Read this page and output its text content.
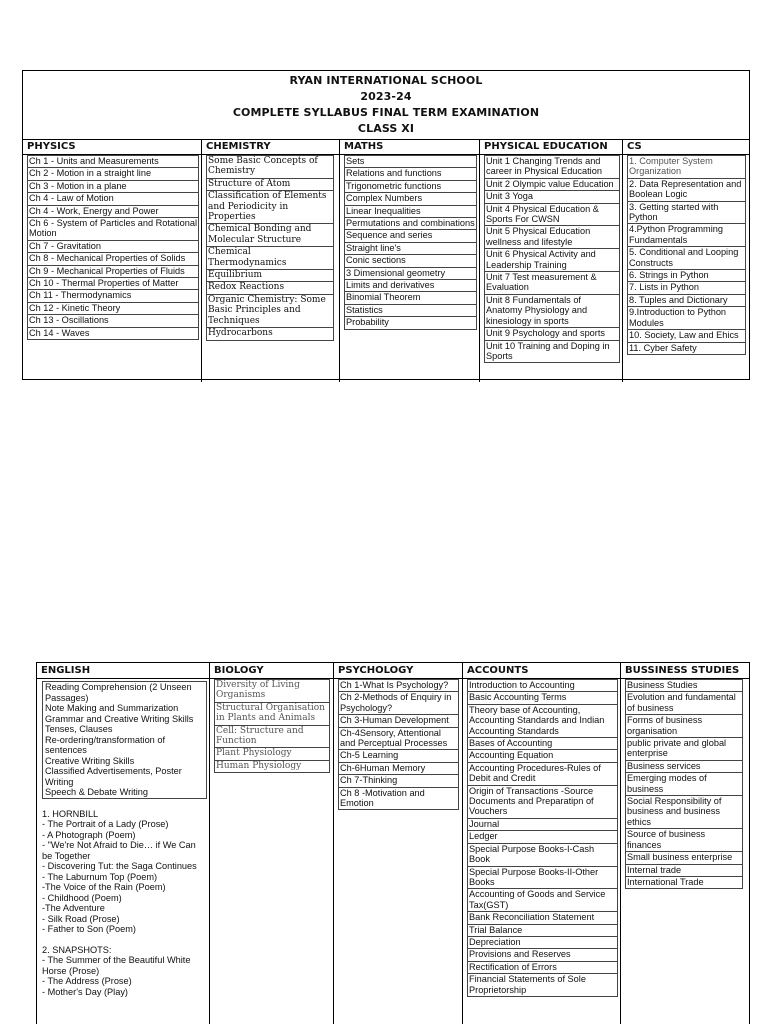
RYAN INTERNATIONAL SCHOOL
2023-24
COMPLETE SYLLABUS FINAL TERM EXAMINATION
CLASS XI
PHYSICS
Ch 1 - Units and Measurements
Ch 2 - Motion in a straight line
Ch 3 - Motion in a plane
Ch 4 - Law of Motion
Ch 4 - Work, Energy and Power
Ch 6 - System of Particles and Rotational Motion
Ch 7 - Gravitation
Ch 8 - Mechanical Properties of Solids
Ch 9 - Mechanical Properties of Fluids
Ch 10 - Thermal Properties of Matter
Ch 11 - Thermodynamics
Ch 12 - Kinetic Theory
Ch 13 - Oscillations
Ch 14 - Waves
CHEMISTRY
Some Basic Concepts of Chemistry
Structure of Atom
Classification of Elements and Periodicity in Properties
Chemical Bonding and Molecular Structure
Chemical Thermodynamics
Equilibrium
Redox Reactions
Organic Chemistry: Some Basic Principles and Techniques
Hydrocarbons
MATHS
Sets
Relations and functions
Trigonometric functions
Complex Numbers
Linear Inequalities
Permutations and combinations
Sequence and series
Straight line's
Conic sections
3 Dimensional geometry
Limits and derivatives
Binomial Theorem
Statistics
Probability
PHYSICAL EDUCATION
Unit 1 Changing Trends and career in Physical Education
Unit 2 Olympic value Education
Unit 3 Yoga
Unit 4 Physical Education & Sports For CWSN
Unit 5 Physical Education wellness and lifestyle
Unit 6 Physical Activity and Leadership Training
Unit 7 Test measurement & Evaluation
Unit 8 Fundamentals of Anatomy Physiology and kinesiology in sports
Unit 9 Psychology and sports
Unit 10 Training and Doping in Sports
CS
1. Computer System Organization
2. Data Representation and Boolean Logic
3. Getting started with Python
4.Python Programming Fundamentals
5. Conditional and Looping Constructs
6. Strings in Python
7. Lists in Python
8. Tuples and Dictionary
9.Introduction to Python Modules
10. Society, Law and Ehics
11. Cyber Safety
ENGLISH
Reading Comprehension (2 Unseen Passages)
Note Making and Summarization
Grammar and Creative Writing Skills
Tenses, Clauses
Re-ordering/transformation of sentences
Creative Writing Skills
Classified Advertisements, Poster Writing
Speech & Debate Writing
1. HORNBILL
- The Portrait of a Lady (Prose)
- A Photograph (Poem)
- "We're Not Afraid to Die… if We Can be Together
- Discovering Tut: the Saga Continues
- The Laburnum Top (Poem)
-The Voice of the Rain (Poem)
- Childhood (Poem)
-The Adventure
- Silk Road (Prose)
- Father to Son (Poem)
2. SNAPSHOTS:
- The Summer of the Beautiful White Horse (Prose)
- The Address (Prose)
- Mother's Day (Play)
BIOLOGY
Diversity of Living Organisms
Structural Organisation in Plants and Animals
Cell: Structure and Function
Plant Physiology
Human Physiology
PSYCHOLOGY
Ch 1-What Is Psychology?
Ch 2-Methods of Enquiry in Psychology?
Ch 3-Human Development
Ch-4Sensory, Attentional and Perceptual Processes
Ch-5 Learning
Ch-6Human Memory
Ch 7-Thinking
Ch 8 -Motivation and Emotion
ACCOUNTS
Introduction to Accounting
Basic Accounting Terms
Theory base of Accounting, Accounting Standards and Indian Accounting Standards
Bases of Accounting
Accounting Equation
Accounting Procedures-Rules of Debit and Credit
Origin of Transactions -Source Documents and Preparatipn of Vouchers
Journal
Ledger
Special Purpose Books-I-Cash Book
Special Purpose Books-II-Other Books
Accounting of Goods and Service Tax(GST)
Bank Reconciliation Statement
Trial Balance
Depreciation
Provisions and Reserves
Rectification of Errors
Financial Statements of Sole Proprietorship
BUSSINESS STUDIES
Business Studies
Evolution and fundamental of business
Forms of business organisation
public private and global enterprise
Business services
Emerging modes of business
Social Responsibility of business and business ethics
Source of business finances
Small business enterprise
Internal trade
International Trade
